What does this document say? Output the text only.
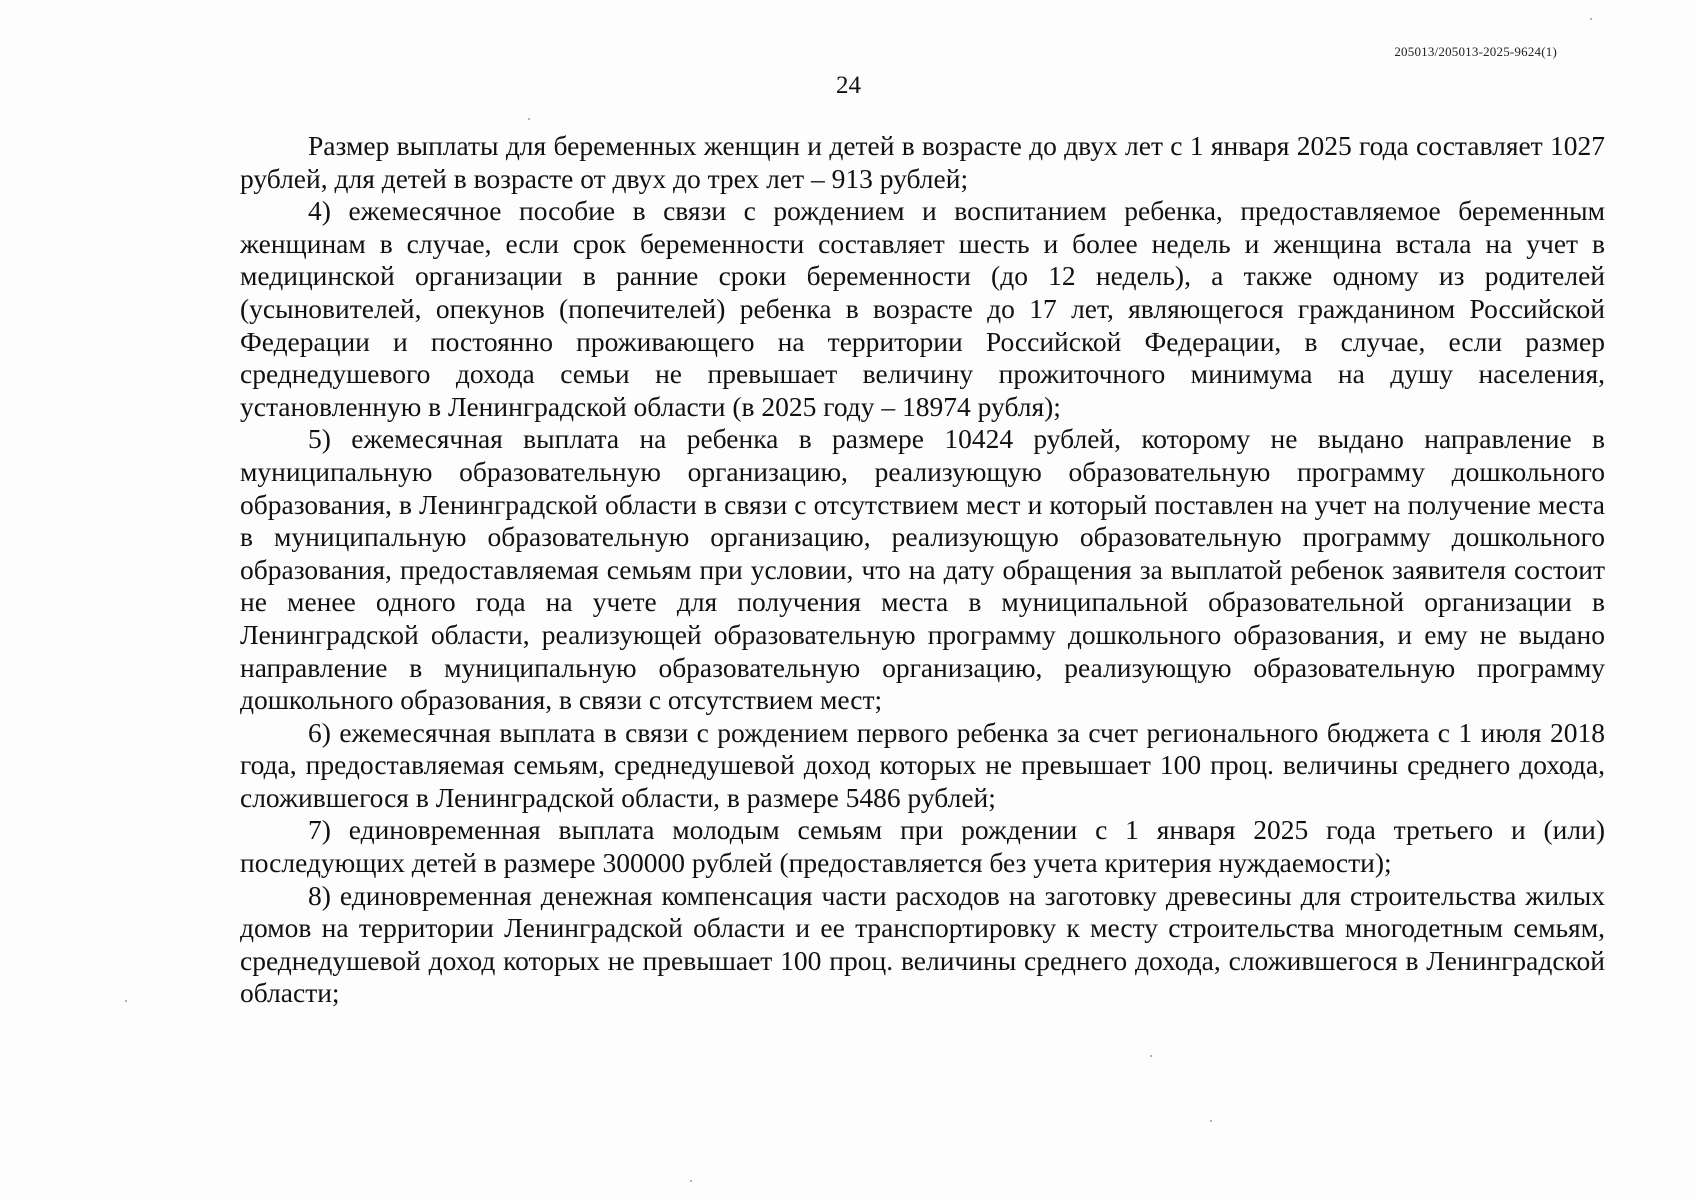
205013/205013-2025-9624(1)
24

Размер выплаты для беременных женщин и детей в возрасте до двух лет с 1 января 2025 года составляет 1027 рублей, для детей в возрасте от двух до трех лет – 913 рублей;

4) ежемесячное пособие в связи с рождением и воспитанием ребенка, предоставляемое беременным женщинам в случае, если срок беременности составляет шесть и более недель и женщина встала на учет в медицинской организации в ранние сроки беременности (до 12 недель), а также одному из родителей (усыновителей, опекунов (попечителей) ребенка в возрасте до 17 лет, являющегося гражданином Российской Федерации и постоянно проживающего на территории Российской Федерации, в случае, если размер среднедушевого дохода семьи не превышает величину прожиточного минимума на душу населения, установленную в Ленинградской области (в 2025 году – 18974 рубля);

5) ежемесячная выплата на ребенка в размере 10424 рублей, которому не выдано направление в муниципальную образовательную организацию, реализующую образовательную программу дошкольного образования, в Ленинградской области в связи с отсутствием мест и который поставлен на учет на получение места в муниципальную образовательную организацию, реализующую образовательную программу дошкольного образования, предоставляемая семьям при условии, что на дату обращения за выплатой ребенок заявителя состоит не менее одного года на учете для получения места в муниципальной образовательной организации в Ленинградской области, реализующей образовательную программу дошкольного образования, и ему не выдано направление в муниципальную образовательную организацию, реализующую образовательную программу дошкольного образования, в связи с отсутствием мест;

6) ежемесячная выплата в связи с рождением первого ребенка за счет регионального бюджета с 1 июля 2018 года, предоставляемая семьям, среднедушевой доход которых не превышает 100 проц. величины среднего дохода, сложившегося в Ленинградской области, в размере 5486 рублей;

7) единовременная выплата молодым семьям при рождении с 1 января 2025 года третьего и (или) последующих детей в размере 300000 рублей (предоставляется без учета критерия нуждаемости);

8) единовременная денежная компенсация части расходов на заготовку древесины для строительства жилых домов на территории Ленинградской области и ее транспортировку к месту строительства многодетным семьям, среднедушевой доход которых не превышает 100 проц. величины среднего дохода, сложившегося в Ленинградской области;
